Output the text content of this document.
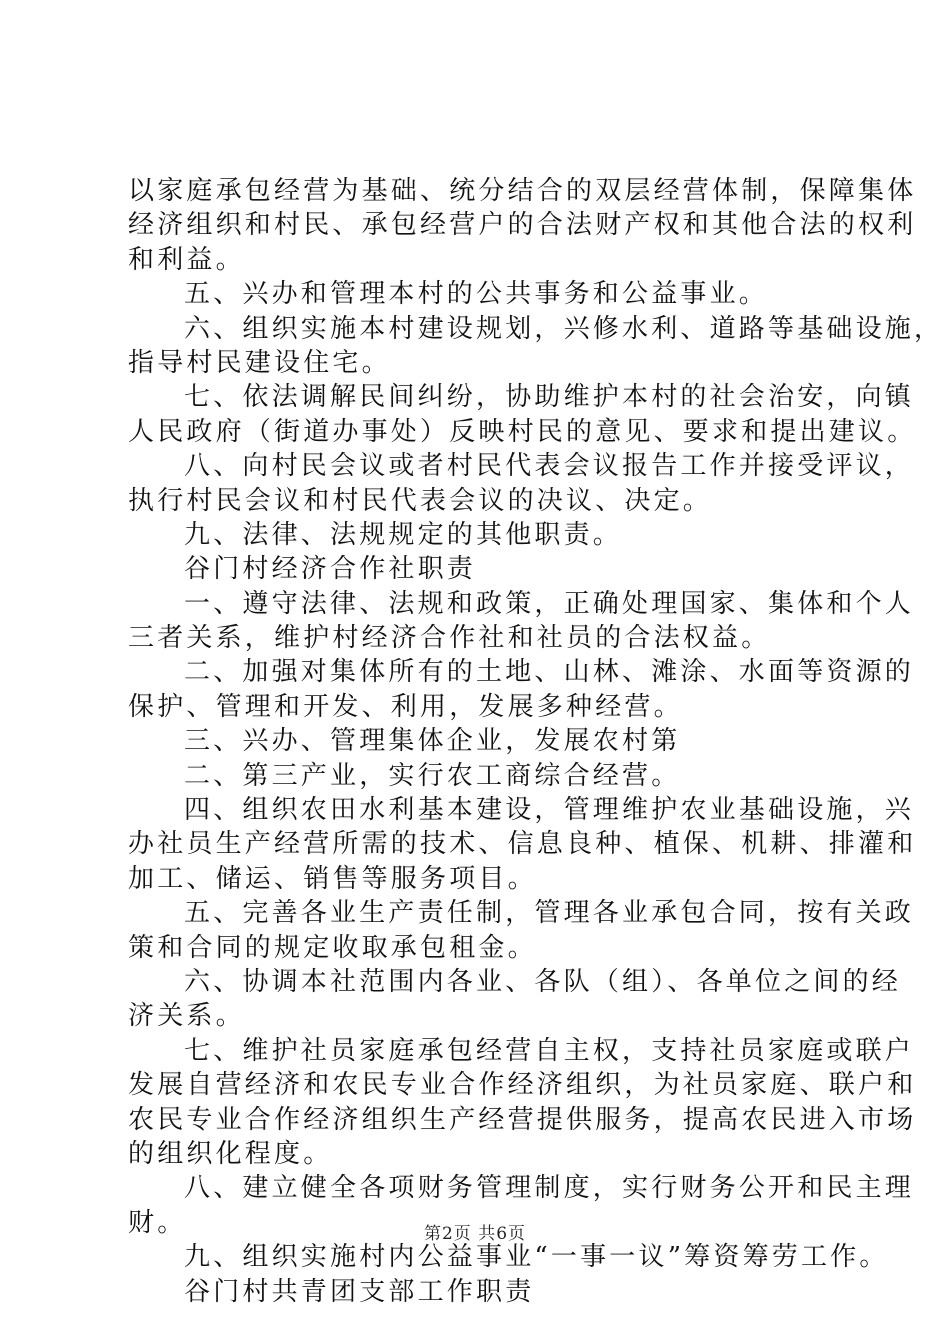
以家庭承包经营为基础、统分结合的双层经营体制，保障集体
经济组织和村民、承包经营户的合法财产权和其他合法的权利
和利益。
五、兴办和管理本村的公共事务和公益事业。
六、组织实施本村建设规划，兴修水利、道路等基础设施，
指导村民建设住宅。
七、依法调解民间纠纷，协助维护本村的社会治安，向镇
人民政府（街道办事处）反映村民的意见、要求和提出建议。
八、向村民会议或者村民代表会议报告工作并接受评议，
执行村民会议和村民代表会议的决议、决定。
九、法律、法规规定的其他职责。
谷门村经济合作社职责
一、遵守法律、法规和政策，正确处理国家、集体和个人
三者关系，维护村经济合作社和社员的合法权益。
二、加强对集体所有的土地、山林、滩涂、水面等资源的
保护、管理和开发、利用，发展多种经营。
三、兴办、管理集体企业，发展农村第
二、第三产业，实行农工商综合经营。
四、组织农田水利基本建设，管理维护农业基础设施，兴
办社员生产经营所需的技术、信息良种、植保、机耕、排灌和
加工、储运、销售等服务项目。
五、完善各业生产责任制，管理各业承包合同，按有关政
策和合同的规定收取承包租金。
六、协调本社范围内各业、各队（组）、各单位之间的经
济关系。
七、维护社员家庭承包经营自主权，支持社员家庭或联户
发展自营经济和农民专业合作经济组织，为社员家庭、联户和
农民专业合作经济组织生产经营提供服务，提高农民进入市场
的组织化程度。
八、建立健全各项财务管理制度，实行财务公开和民主理
财。
九、组织实施村内公益事业“一事一议”筹资筹劳工作。
谷门村共青团支部工作职责
第2页 共6页
